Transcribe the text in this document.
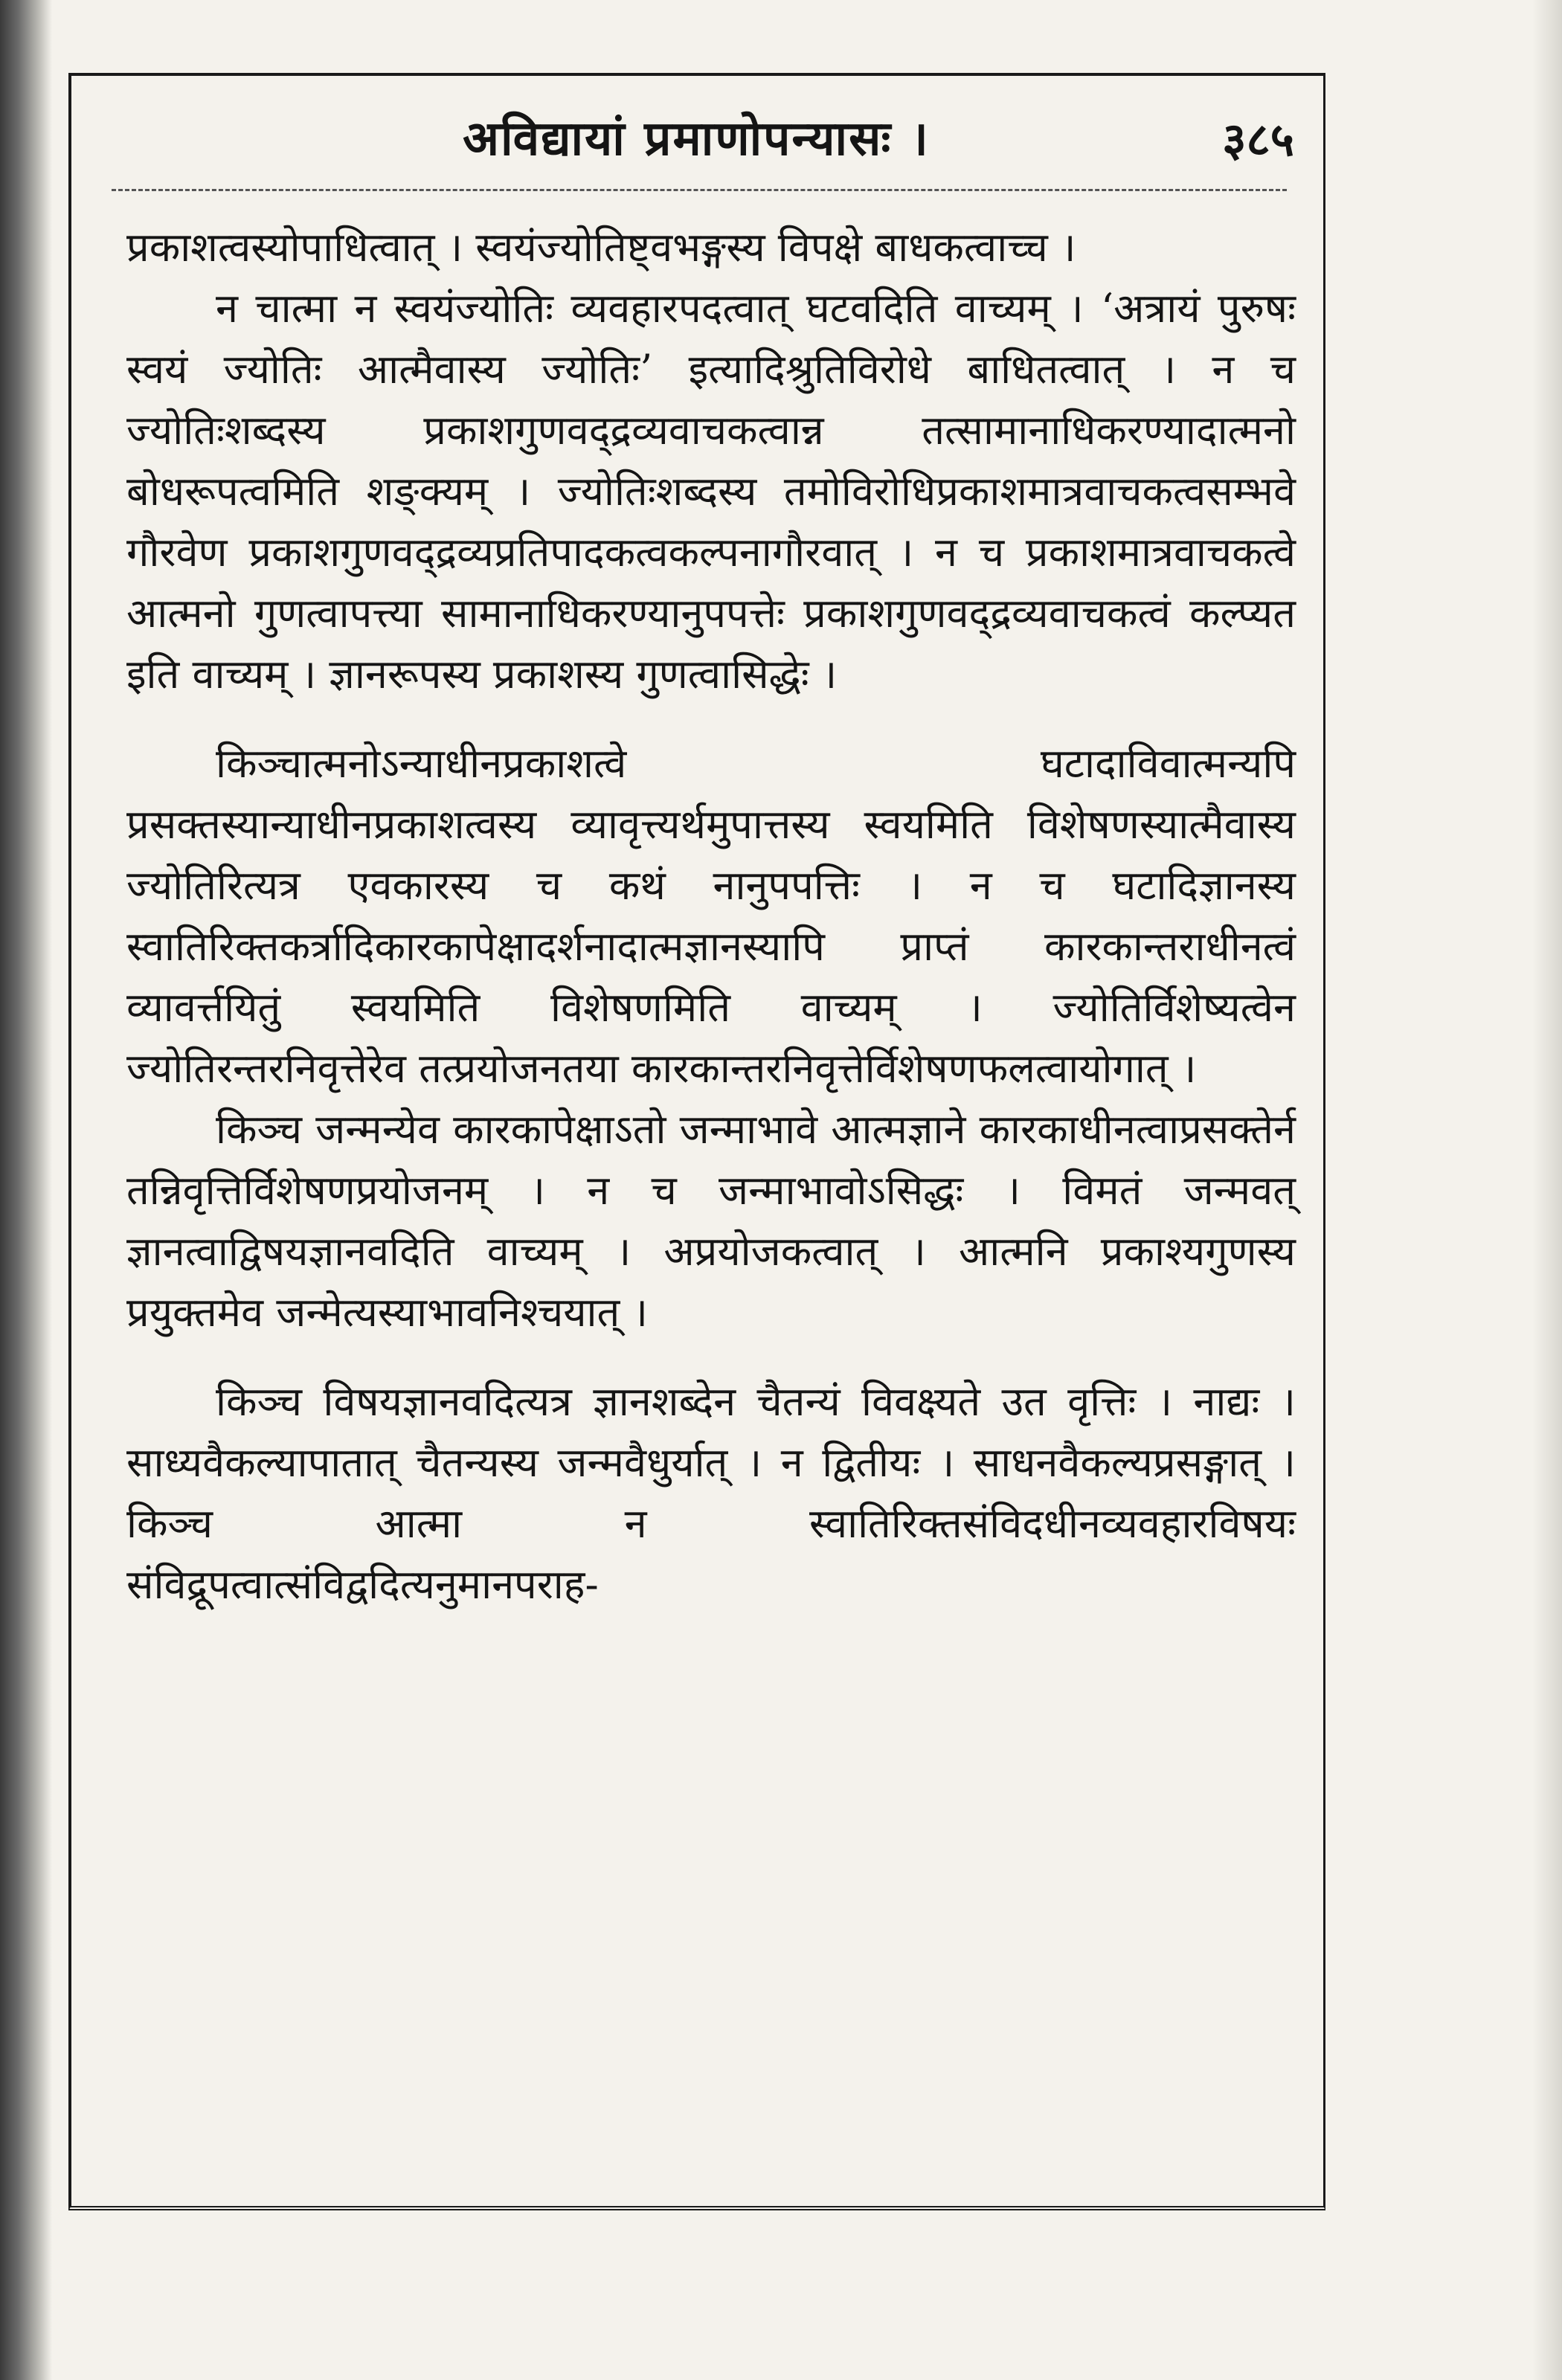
अविद्यायां प्रमाणोपन्यासः ।	३८५

प्रकाशत्वस्योपाधित्वात् । स्वयंज्योतिष्ट्वभङ्गस्य विपक्षे बाधकत्वाच्च ।

न चात्मा न स्वयंज्योतिः व्यवहारपदत्वात् घटवदिति वाच्यम् । ‘अत्रायं पुरुषः स्वयं ज्योतिः आत्मैवास्य ज्योतिः’ इत्यादिश्रुतिविरोधे बाधितत्वात् । न च ज्योतिःशब्दस्य प्रकाशगुणवद्द्रव्यवाचकत्वान्न तत्सामानाधिकरण्यादात्मनो बोधरूपत्वमिति शङ्क्यम् । ज्योतिःशब्दस्य तमोविरोधिप्रकाशमात्रवाचकत्वसम्भवे गौरवेण प्रकाशगुणवद्द्रव्यप्रतिपादकत्वकल्पनागौरवात् । न च प्रकाशमात्रवाचकत्वे आत्मनो गुणत्वापत्त्या सामानाधिकरण्यानुपपत्तेः प्रकाशगुणवद्द्रव्यवाचकत्वं कल्प्यत इति वाच्यम् । ज्ञानरूपस्य प्रकाशस्य गुणत्वासिद्धेः ।

किञ्चात्मनोऽन्याधीनप्रकाशत्वे घटादाविवात्मन्यपि प्रसक्तस्यान्याधीनप्रकाशत्वस्य व्यावृत्त्यर्थमुपात्तस्य स्वयमिति विशेषणस्यात्मैवास्य ज्योतिरित्यत्र एवकारस्य च कथं नानुपपत्तिः । न च घटादिज्ञानस्य स्वातिरिक्तकर्त्रादिकारकापेक्षादर्शनादात्मज्ञानस्यापि प्राप्तं कारकान्तराधीनत्वं व्यावर्त्तयितुं स्वयमिति विशेषणमिति वाच्यम् । ज्योतिर्विशेष्यत्वेन ज्योतिरन्तरनिवृत्तेरेव तत्प्रयोजनतया कारकान्तरनिवृत्तेर्विशेषणफलत्वायोगात् ।

किञ्च जन्मन्येव कारकापेक्षाऽतो जन्माभावे आत्मज्ञाने कारकाधीनत्वाप्रसक्तेर्न तन्निवृत्तिर्विशेषणप्रयोजनम् । न च जन्माभावोऽसिद्धः । विमतं जन्मवत् ज्ञानत्वाद्विषयज्ञानवदिति वाच्यम् । अप्रयोजकत्वात् । आत्मनि प्रकाश्यगुणस्य प्रयुक्तमेव जन्मेत्यस्याभावनिश्चयात् ।

किञ्च विषयज्ञानवदित्यत्र ज्ञानशब्देन चैतन्यं विवक्ष्यते उत वृत्तिः । नाद्यः । साध्यवैकल्यापातात् चैतन्यस्य जन्मवैधुर्यात् । न द्वितीयः । साधनवैकल्यप्रसङ्गात् । किञ्च आत्मा न स्वातिरिक्तसंविदधीनव्यवहारविषयः संविद्रूपत्वात्संविद्वदित्यनुमानपराह-
